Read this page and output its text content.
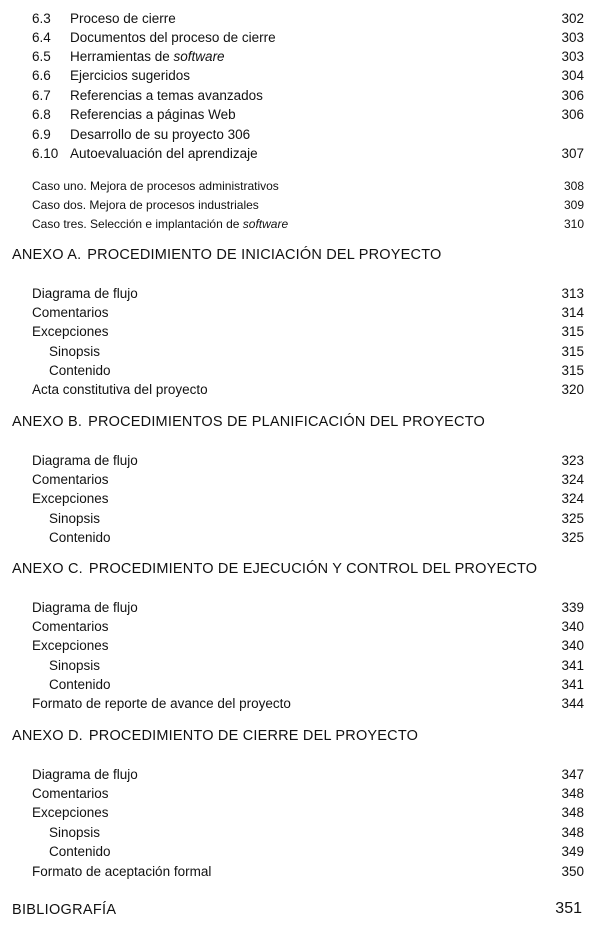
6.3 Proceso de cierre	302
6.4 Documentos del proceso de cierre	303
6.5 Herramientas de software	303
6.6 Ejercicios sugeridos	304
6.7 Referencias a temas avanzados	306
6.8 Referencias a páginas Web	306
6.9 Desarrollo de su proyecto 306
6.10 Autoevaluación del aprendizaje	307
Caso uno. Mejora de procesos administrativos	308
Caso dos. Mejora de procesos industriales	309
Caso tres. Selección e implantación de software	310
ANEXO A. PROCEDIMIENTO DE INICIACIÓN DEL PROYECTO
Diagrama de flujo	313
Comentarios	314
Excepciones	315
Sinopsis	315
Contenido	315
Acta constitutiva del proyecto	320
ANEXO B. PROCEDIMIENTOS DE PLANIFICACIÓN DEL PROYECTO
Diagrama de flujo	323
Comentarios	324
Excepciones	324
Sinopsis	325
Contenido	325
ANEXO C. PROCEDIMIENTO DE EJECUCIÓN Y CONTROL DEL PROYECTO
Diagrama de flujo	339
Comentarios	340
Excepciones	340
Sinopsis	341
Contenido	341
Formato de reporte de avance del proyecto	344
ANEXO D. PROCEDIMIENTO DE CIERRE DEL PROYECTO
Diagrama de flujo	347
Comentarios	348
Excepciones	348
Sinopsis	348
Contenido	349
Formato de aceptación formal	350
BIBLIOGRAFÍA	351
